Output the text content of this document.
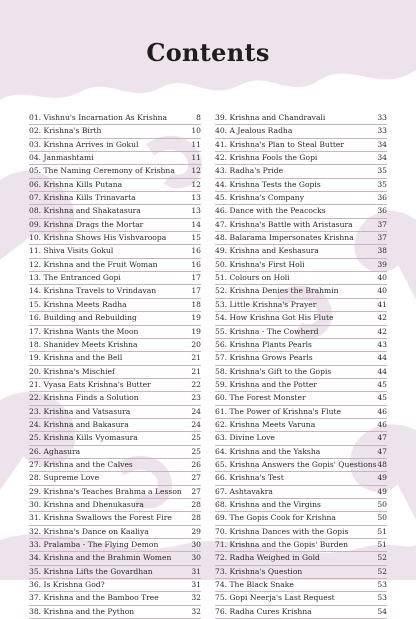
Contents
01. Vishnu's Incarnation As Krishna	8
02. Krishna's Birth	10
03. Krishna Arrives in Gokul	11
04. Janmashtami	11
05. The Naming Ceremony of Krishna 12
06. Krishna Kills Putana	12
07. Krishna Kills Trinavarta	13
08. Krishna and Shakatasura	13
09. Krishna Drags the Mortar	14
10. Krishna Shows His Vishvaroopa	15
11. Shiva Visits Gokul	16
12. Krishna and the Fruit Woman	16
13. The Entranced Gopi	17
14. Krishna Travels to Vrindavan	17
15. Krishna Meets Radha	18
16. Building and Rebuilding	19
17. Krishna Wants the Moon	19
18. Shanidev Meets Krishna	20
19. Krishna and the Bell	21
20. Krishna's Mischief	21
21. Vyasa Eats Krishna's Butter	22
22. Krishna Finds a Solution	23
23. Krishna and Vatsasura	24
24. Krishna and Bakasura	24
25. Krishna Kills Vyomasura	25
26. Aghasura	25
27. Krishna and the Calves	26
28. Supreme Love	27
29. Krishna's Teaches Brahma a Lesson 27
30. Krishna and Dhenukasura	28
31. Krishna Swallows the Forest Fire	28
32. Krishna's Dance on Kaaliya	29
33. Pralamba - The Flying Demon	30
34. Krishna and the Brahmin Women	30
35. Krishna Lifts the Govardhan	31
36. Is Krishna God?	31
37. Krishna and the Bamboo Tree	32
38. Krishna and the Python	32
39. Krishna and Chandravali	33
40. A Jealous Radha	33
41. Krishna's Plan to Steal Butter	34
42. Krishna Fools the Gopi	34
43. Radha's Pride	35
44. Krishna Tests the Gopis	35
45. Krishna's Company	36
46. Dance with the Peacocks	36
47. Krishna's Battle with Aristasura	37
48. Balarama Impersonates Krishna	37
49. Krishna and Keshasura	38
50. Krishna's First Holi	39
51. Colours on Holi	40
52. Krishna Denies the Brahmin	40
53. Little Krishna's Prayer	41
54. How Krishna Got His Flute	42
55. Krishna - The Cowherd	42
56. Krishna Plants Pearls	43
57. Krishna Grows Pearls	44
58. Krishna's Gift to the Gopis	44
59. Krishna and the Potter	45
60. The Forest Monster	45
61. The Power of Krishna's Flute	46
62. Krishna Meets Varuna	46
63. Divine Love	47
64. Krishna and the Yaksha	47
65. Krishna Answers the Gopis' Questions 48
66. Krishna's Test	49
67. Ashtavakra	49
68. Krishna and the Virgins	50
69. The Gopis Cook for Krishna	50
70. Krishna Dances with the Gopis	51
71. Krishna and the Gopis' Burden	51
72. Radha Weighed in Gold	52
73. Krishna's Question	52
74. The Black Snake	53
75. Gopi Neerja's Last Request	53
76. Radha Cures Krishna	54
